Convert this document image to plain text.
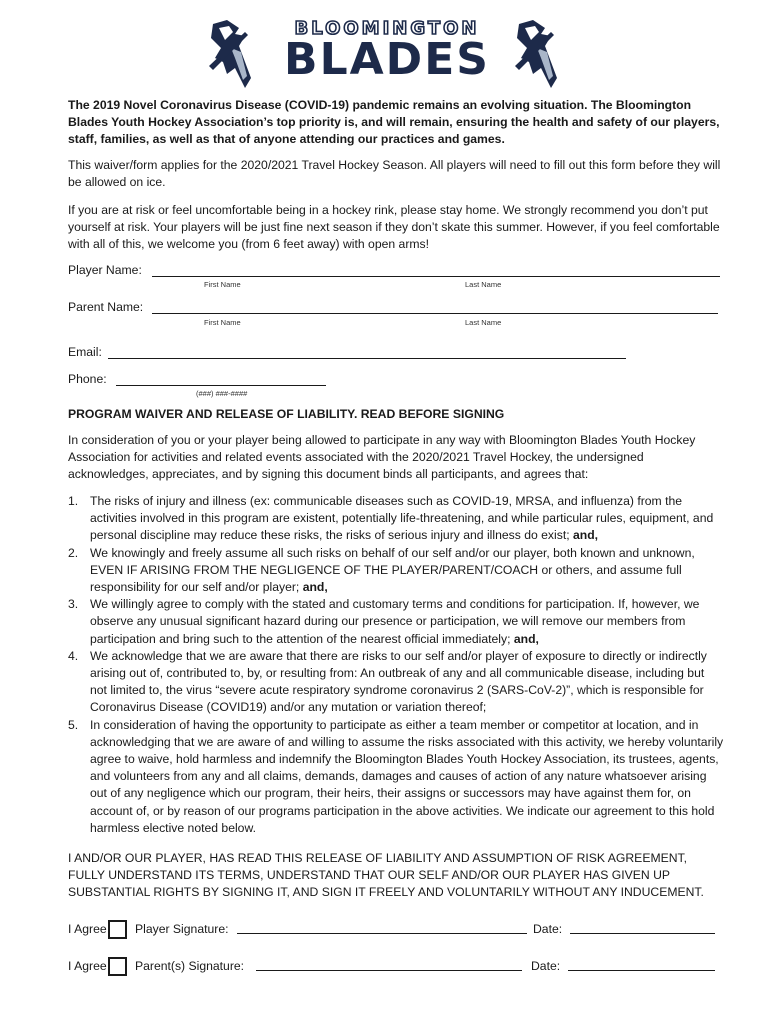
BLOOMINGTON
BLADES
The 2019 Novel Coronavirus Disease (COVID-19) pandemic remains an evolving situation. The Bloomington Blades Youth Hockey Association’s top priority is, and will remain, ensuring the health and safety of our players, staff, families, as well as that of anyone attending our practices and games.
This waiver/form applies for the 2020/2021 Travel Hockey Season. All players will need to fill out this form before they will be allowed on ice.
If you are at risk or feel uncomfortable being in a hockey rink, please stay home. We strongly recommend you don’t put yourself at risk. Your players will be just fine next season if they don’t skate this summer. However, if you feel comfortable with all of this, we welcome you (from 6 feet away) with open arms!
Player Name:
First Name	Last Name
Parent Name:
First Name	Last Name
Email:
Phone:
(###) ###-####
PROGRAM WAIVER AND RELEASE OF LIABILITY. READ BEFORE SIGNING
In consideration of you or your player being allowed to participate in any way with Bloomington Blades Youth Hockey Association for activities and related events associated with the 2020/2021 Travel Hockey, the undersigned acknowledges, appreciates, and by signing this document binds all participants, and agrees that:
1. The risks of injury and illness (ex: communicable diseases such as COVID-19, MRSA, and influenza) from the activities involved in this program are existent, potentially life-threatening, and while particular rules, equipment, and personal discipline may reduce these risks, the risks of serious injury and illness do exist; and,
2. We knowingly and freely assume all such risks on behalf of our self and/or our player, both known and unknown, EVEN IF ARISING FROM THE NEGLIGENCE OF THE PLAYER/PARENT/COACH or others, and assume full responsibility for our self and/or player; and,
3. We willingly agree to comply with the stated and customary terms and conditions for participation. If, however, we observe any unusual significant hazard during our presence or participation, we will remove our members from participation and bring such to the attention of the nearest official immediately; and,
4. We acknowledge that we are aware that there are risks to our self and/or player of exposure to directly or indirectly arising out of, contributed to, by, or resulting from: An outbreak of any and all communicable disease, including but not limited to, the virus “severe acute respiratory syndrome coronavirus 2 (SARS-CoV-2)”, which is responsible for Coronavirus Disease (COVID19) and/or any mutation or variation thereof;
5. In consideration of having the opportunity to participate as either a team member or competitor at location, and in acknowledging that we are aware of and willing to assume the risks associated with this activity, we hereby voluntarily agree to waive, hold harmless and indemnify the Bloomington Blades Youth Hockey Association, its trustees, agents, and volunteers from any and all claims, demands, damages and causes of action of any nature whatsoever arising out of any negligence which our program, their heirs, their assigns or successors may have against them for, on account of, or by reason of our programs participation in the above activities. We indicate our agreement to this hold harmless elective noted below.
I AND/OR OUR PLAYER, HAS READ THIS RELEASE OF LIABILITY AND ASSUMPTION OF RISK AGREEMENT, FULLY UNDERSTAND ITS TERMS, UNDERSTAND THAT OUR SELF AND/OR OUR PLAYER HAS GIVEN UP SUBSTANTIAL RIGHTS BY SIGNING IT, AND SIGN IT FREELY AND VOLUNTARILY WITHOUT ANY INDUCEMENT.
I Agree Player Signature:	Date:
I Agree Parent(s) Signature:	Date:
